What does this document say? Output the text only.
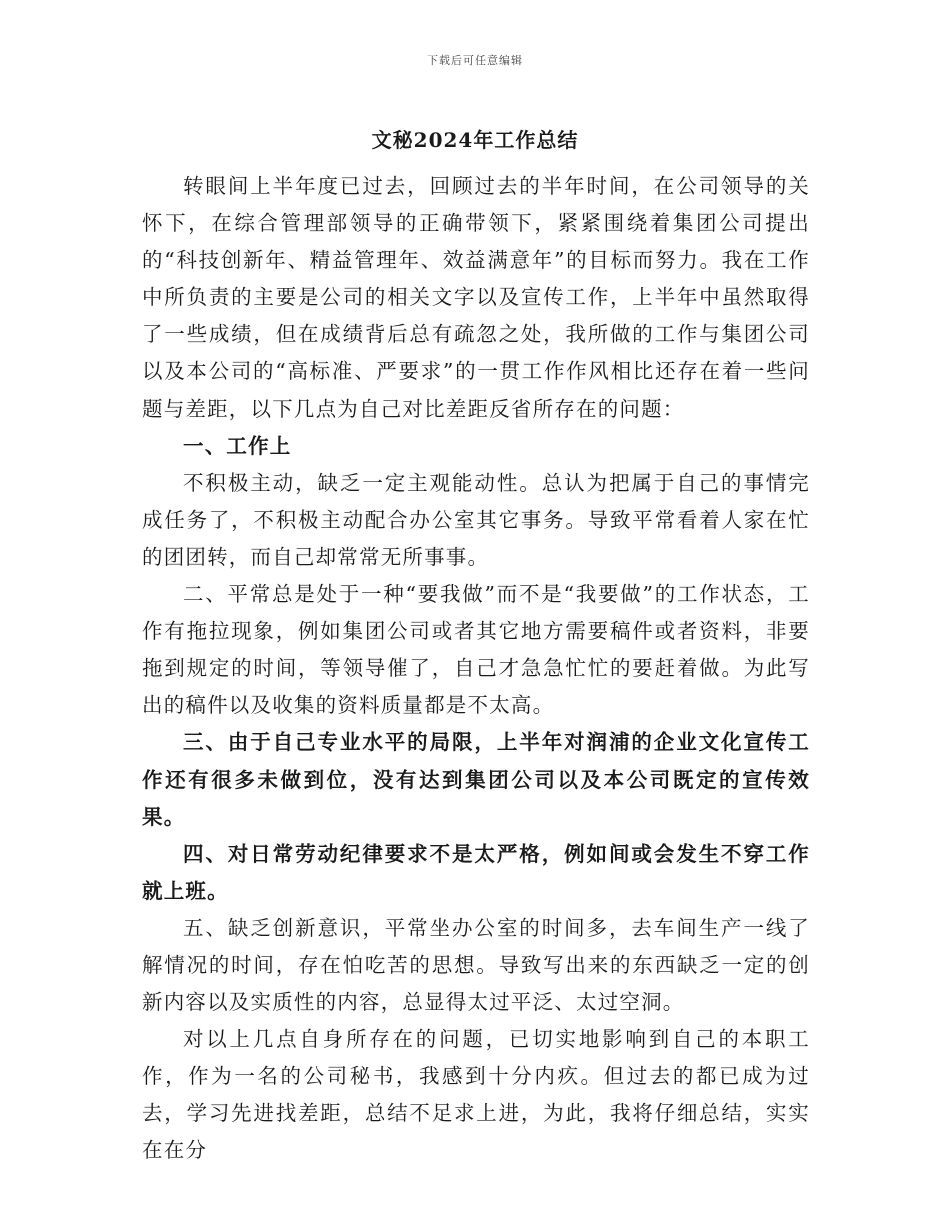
下载后可任意编辑
文秘2024年工作总结

转眼间上半年度已过去，回顾过去的半年时间，在公司领导的关怀下，在综合管理部领导的正确带领下，紧紧围绕着集团公司提出的“科技创新年、精益管理年、效益满意年”的目标而努力。我在工作中所负责的主要是公司的相关文字以及宣传工作，上半年中虽然取得了一些成绩，但在成绩背后总有疏忽之处，我所做的工作与集团公司以及本公司的“高标准、严要求”的一贯工作作风相比还存在着一些问题与差距，以下几点为自己对比差距反省所存在的问题：

一、工作上

不积极主动，缺乏一定主观能动性。总认为把属于自己的事情完成任务了，不积极主动配合办公室其它事务。导致平常看着人家在忙的团团转，而自己却常常无所事事。

二、平常总是处于一种“要我做”而不是“我要做”的工作状态，工作有拖拉现象，例如集团公司或者其它地方需要稿件或者资料，非要拖到规定的时间，等领导催了，自己才急急忙忙的要赶着做。为此写出的稿件以及收集的资料质量都是不太高。

三、由于自己专业水平的局限，上半年对润浦的企业文化宣传工作还有很多未做到位，没有达到集团公司以及本公司既定的宣传效果。

四、对日常劳动纪律要求不是太严格，例如间或会发生不穿工作就上班。

五、缺乏创新意识，平常坐办公室的时间多，去车间生产一线了解情况的时间，存在怕吃苦的思想。导致写出来的东西缺乏一定的创新内容以及实质性的内容，总显得太过平泛、太过空洞。

对以上几点自身所存在的问题，已切实地影响到自己的本职工作，作为一名的公司秘书，我感到十分内疚。但过去的都已成为过去，学习先进找差距，总结不足求上进，为此，我将仔细总结，实实在在分
